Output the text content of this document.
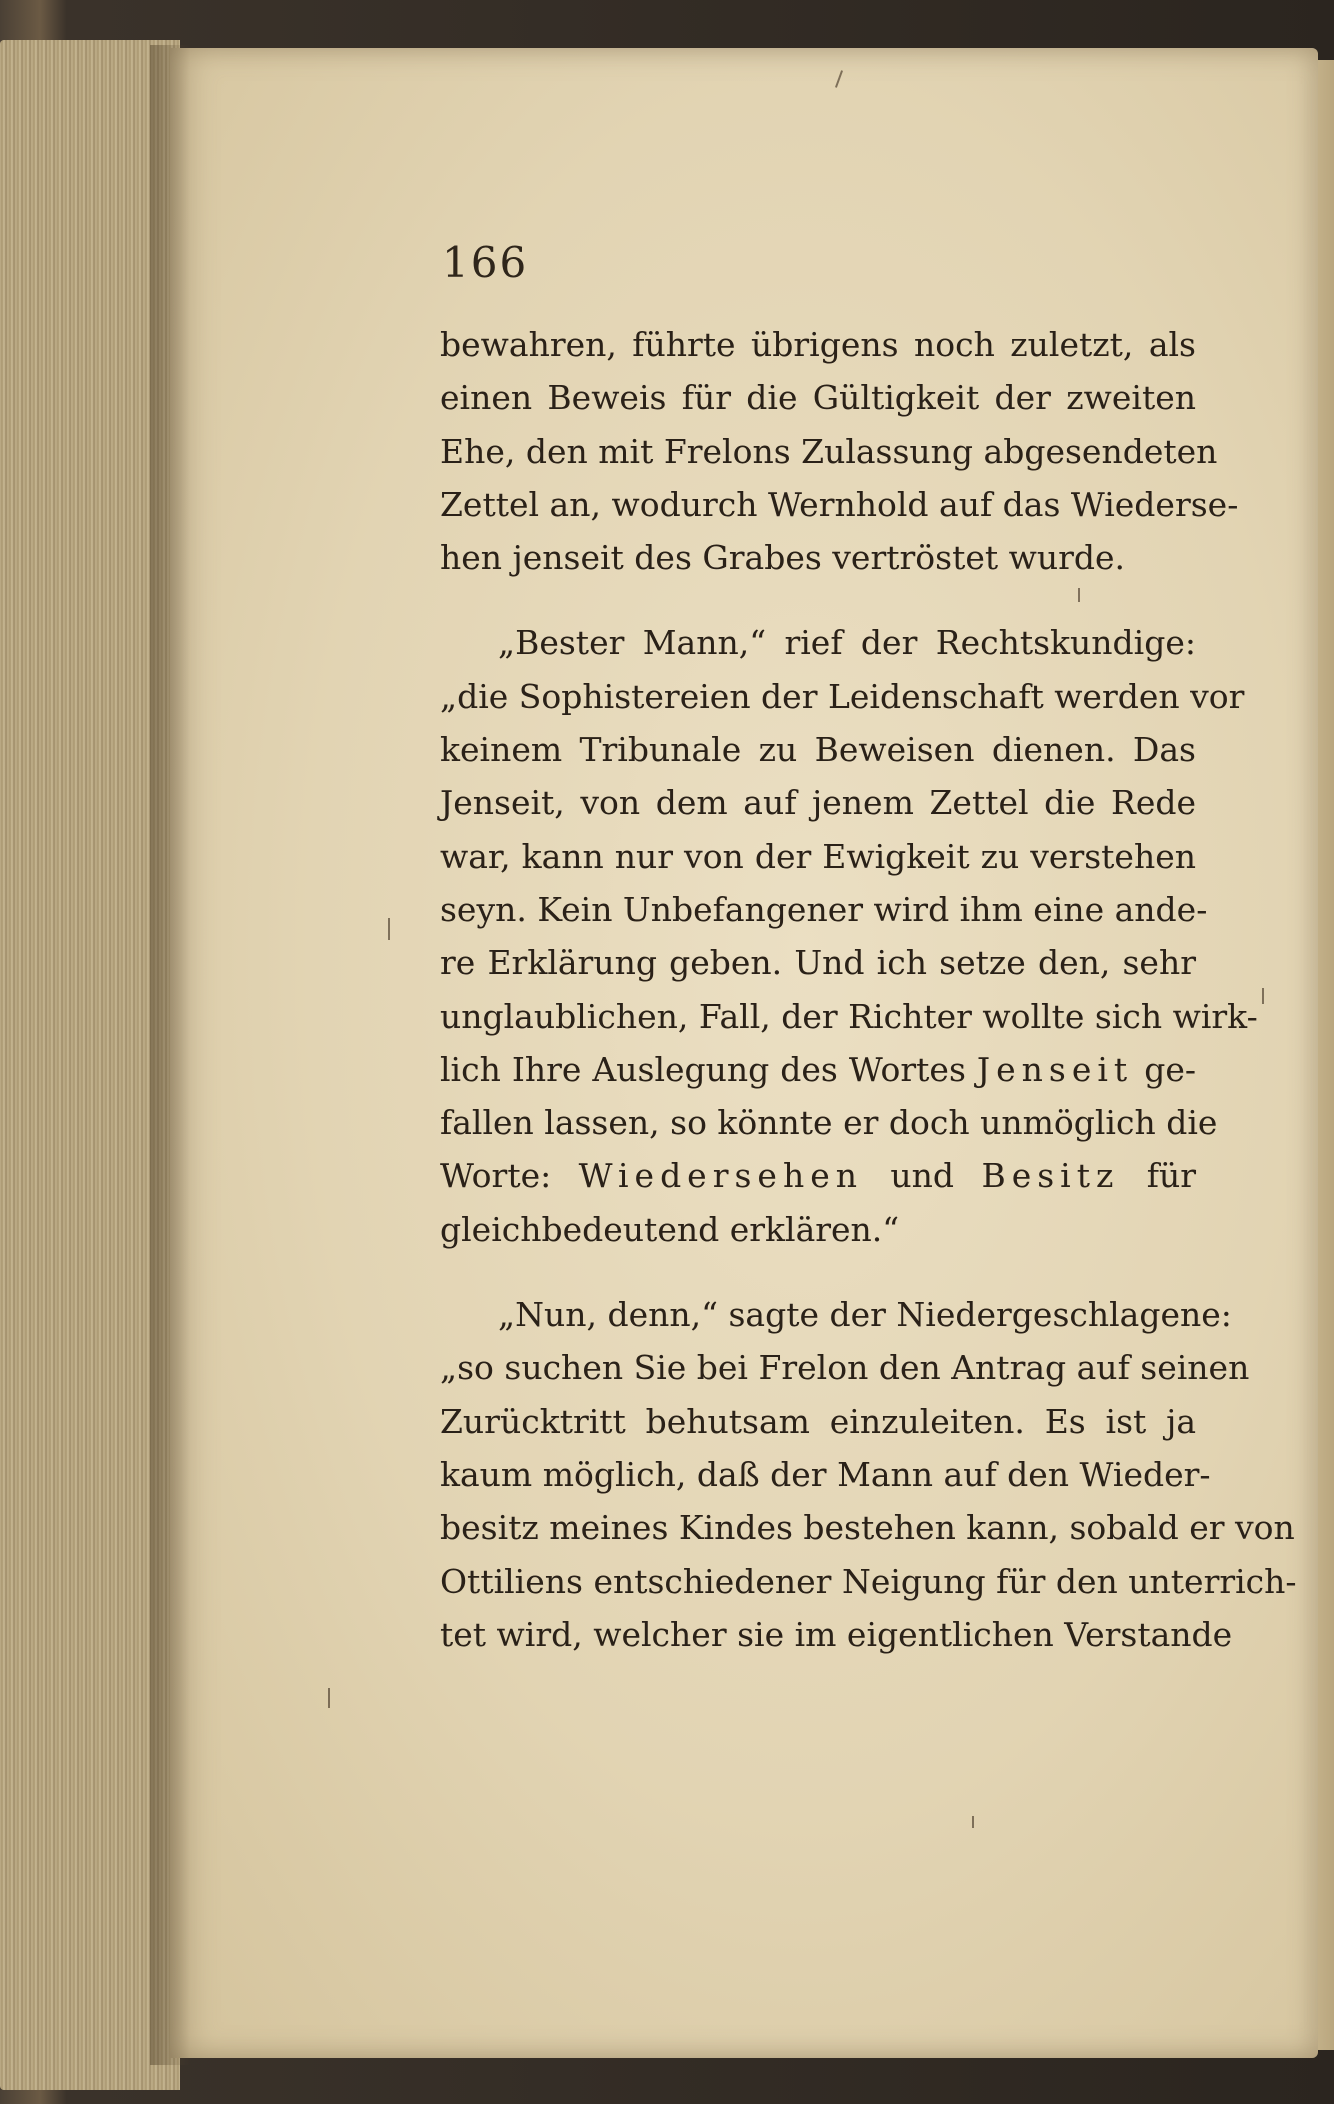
166
bewahren, führte übrigens noch zuletzt, als
einen Beweis für die Gültigkeit der zweiten
Ehe, den mit Frelons Zulassung abgesendeten
Zettel an, wodurch Wernhold auf das Wiederse-
hen jenseit des Grabes vertröstet wurde.
„Bester Mann,“ rief der Rechtskundige:
„die Sophistereien der Leidenschaft werden vor
keinem Tribunale zu Beweisen dienen. Das
Jenseit, von dem auf jenem Zettel die Rede
war, kann nur von der Ewigkeit zu verstehen
seyn. Kein Unbefangener wird ihm eine ande-
re Erklärung geben. Und ich setze den, sehr
unglaublichen, Fall, der Richter wollte sich wirk-
lich Ihre Auslegung des Wortes Jenseit ge-
fallen lassen, so könnte er doch unmöglich die
Worte: Wiedersehen und Besitz für
gleichbedeutend erklären.“
„Nun, denn,“ sagte der Niedergeschlagene:
„so suchen Sie bei Frelon den Antrag auf seinen
Zurücktritt behutsam einzuleiten. Es ist ja
kaum möglich, daß der Mann auf den Wieder-
besitz meines Kindes bestehen kann, sobald er von
Ottiliens entschiedener Neigung für den unterrich-
tet wird, welcher sie im eigentlichen Verstande
